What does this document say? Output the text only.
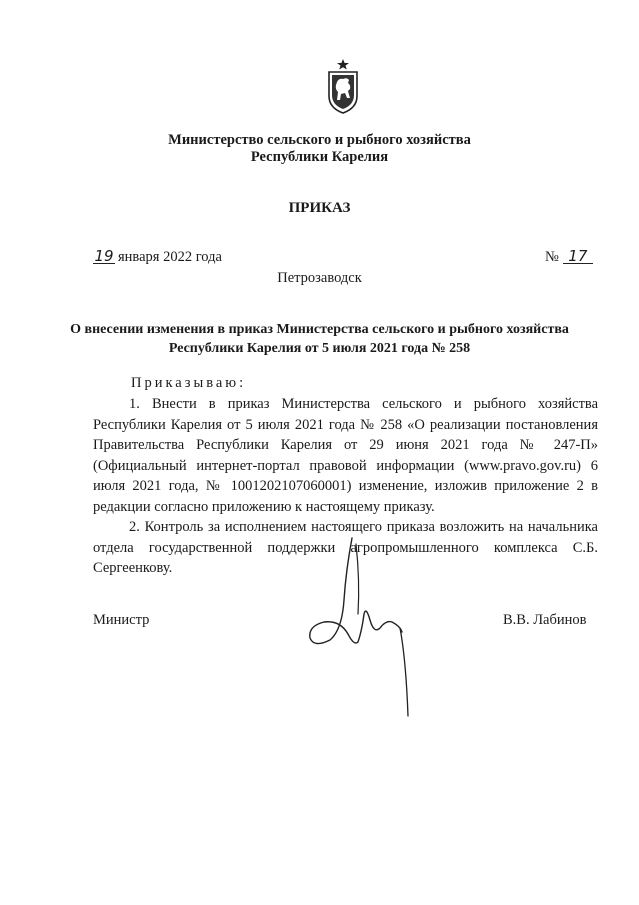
Министерство сельского и рыбного хозяйства
Республики Карелия
ПРИКАЗ
19 января 2022 года	№ 17
Петрозаводск
О внесении изменения в приказ Министерства сельского и рыбного хозяйства
Республики Карелия от 5 июля 2021 года № 258
Приказываю:

1. Внести в приказ Министерства сельского и рыбного хозяйства Республики Карелия от 5 июля 2021 года № 258 «О реализации постановления Правительства Республики Карелия от 29 июня 2021 года № 247-П» (Официальный интернет-портал правовой информации (www.pravo.gov.ru) 6 июля 2021 года, № 1001202107060001) изменение, изложив приложение 2 в редакции согласно приложению к настоящему приказу.

2. Контроль за исполнением настоящего приказа возложить на начальника отдела государственной поддержки агропромышленного комплекса С.Б. Сергеенкову.

Министр	В.В. Лабинов
